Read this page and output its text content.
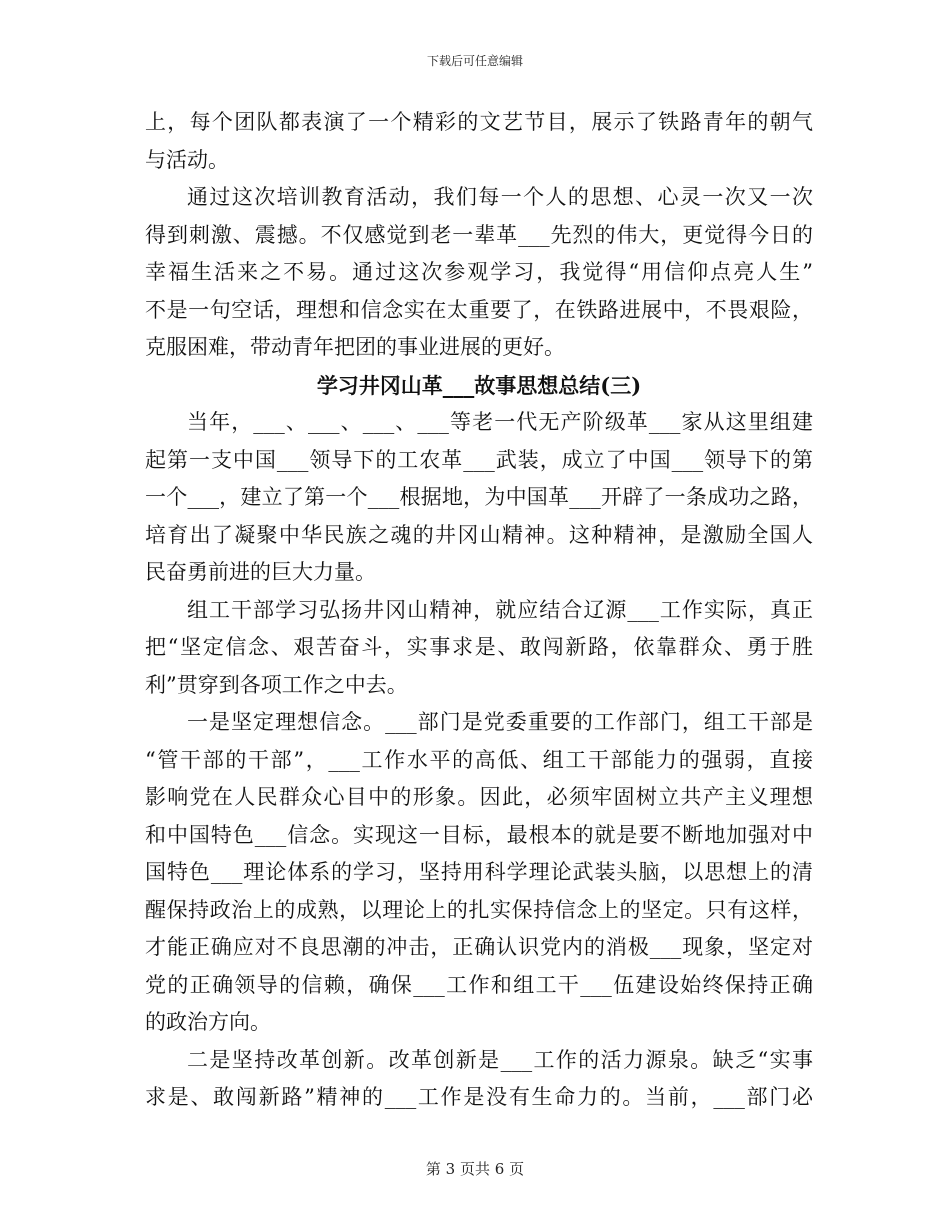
下载后可任意编辑
上，每个团队都表演了一个精彩的文艺节目，展示了铁路青年的朝气
与活动。
通过这次培训教育活动，我们每一个人的思想、心灵一次又一次
得到刺激、震撼。不仅感觉到老一辈革___先烈的伟大，更觉得今日的
幸福生活来之不易。通过这次参观学习，我觉得“用信仰点亮人生”
不是一句空话，理想和信念实在太重要了，在铁路进展中，不畏艰险，
克服困难，带动青年把团的事业进展的更好。
学习井冈山革___故事思想总结(三)
当年，___、___、___、___等老一代无产阶级革___家从这里组建
起第一支中国___领导下的工农革___武装，成立了中国___领导下的第
一个___，建立了第一个___根据地，为中国革___开辟了一条成功之路，
培育出了凝聚中华民族之魂的井冈山精神。这种精神，是激励全国人
民奋勇前进的巨大力量。
组工干部学习弘扬井冈山精神，就应结合辽源___工作实际，真正
把“坚定信念、艰苦奋斗，实事求是、敢闯新路，依靠群众、勇于胜
利”贯穿到各项工作之中去。
一是坚定理想信念。___部门是党委重要的工作部门，组工干部是
“管干部的干部”，___工作水平的高低、组工干部能力的强弱，直接
影响党在人民群众心目中的形象。因此，必须牢固树立共产主义理想
和中国特色___信念。实现这一目标，最根本的就是要不断地加强对中
国特色___理论体系的学习，坚持用科学理论武装头脑，以思想上的清
醒保持政治上的成熟，以理论上的扎实保持信念上的坚定。只有这样，
才能正确应对不良思潮的冲击，正确认识党内的消极___现象，坚定对
党的正确领导的信赖，确保___工作和组工干___伍建设始终保持正确
的政治方向。
二是坚持改革创新。改革创新是___工作的活力源泉。缺乏“实事
求是、敢闯新路”精神的___工作是没有生命力的。当前，___部门必
第 3 页共 6 页
